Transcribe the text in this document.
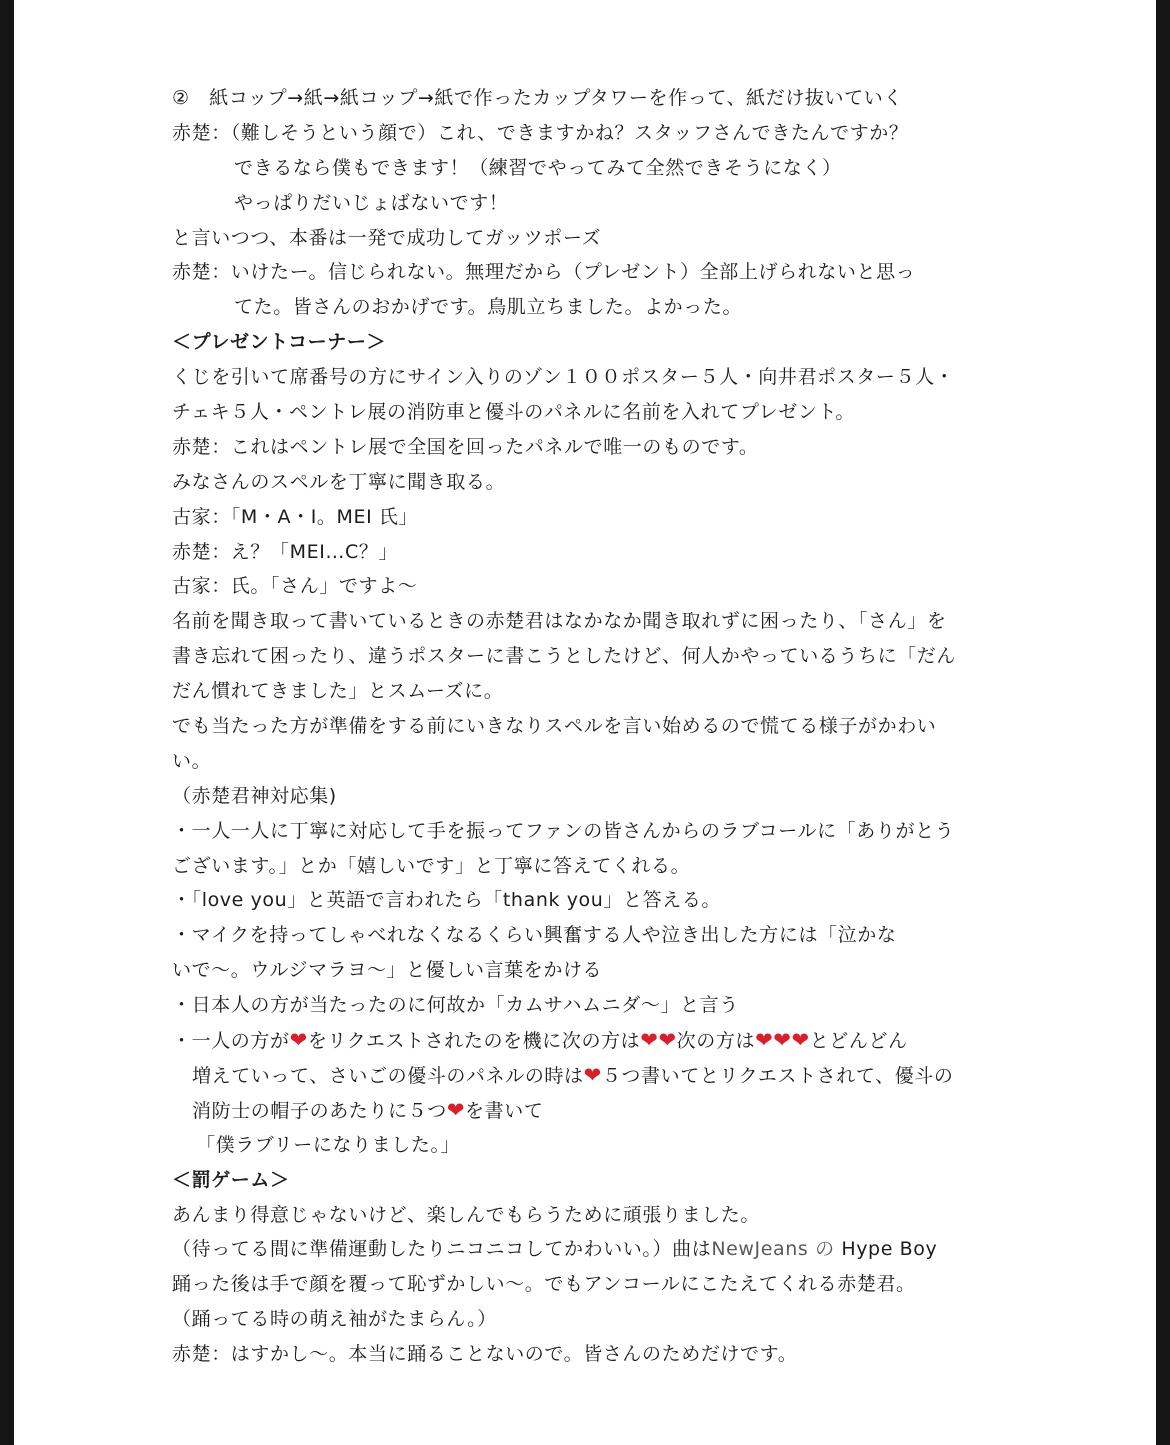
②　紙コップ→紙→紙コップ→紙で作ったカップタワーを作って、紙だけ抜いていく
赤楚：（難しそうという顔で）これ、できますかね？スタッフさんできたんですか？
できるなら僕もできます！（練習でやってみて全然できそうになく）
やっぱりだいじょばないです！
と言いつつ、本番は一発で成功してガッツポーズ
赤楚：いけたー。信じられない。無理だから（プレゼント）全部上げられないと思っ
てた。皆さんのおかげです。鳥肌立ちました。よかった。
＜プレゼントコーナー＞
くじを引いて席番号の方にサイン入りのゾン１００ポスター５人・向井君ポスター５人・
チェキ５人・ペントレ展の消防車と優斗のパネルに名前を入れてプレゼント。
赤楚：これはペントレ展で全国を回ったパネルで唯一のものです。
みなさんのスペルを丁寧に聞き取る。
古家：「M・A・I。MEI 氏」
赤楚：え？「MEI…C？」
古家：氏。「さん」ですよ～
名前を聞き取って書いているときの赤楚君はなかなか聞き取れずに困ったり、「さん」を
書き忘れて困ったり、違うポスターに書こうとしたけど、何人かやっているうちに「だん
だん慣れてきました」とスムーズに。
でも当たった方が準備をする前にいきなりスペルを言い始めるので慌てる様子がかわい
い。
（赤楚君神対応集)
・一人一人に丁寧に対応して手を振ってファンの皆さんからのラブコールに「ありがとう
ございます。」とか「嬉しいです」と丁寧に答えてくれる。
・「love you」と英語で言われたら「thank you」と答える。
・マイクを持ってしゃべれなくなるくらい興奮する人や泣き出した方には「泣かな
いで～。ウルジマラヨ～」と優しい言葉をかける
・日本人の方が当たったのに何故か「カムサハムニダ～」と言う
・一人の方が❤をリクエストされたのを機に次の方は❤❤次の方は❤❤❤とどんどん
増えていって、さいごの優斗のパネルの時は❤５つ書いてとリクエストされて、優斗の
消防士の帽子のあたりに５つ❤を書いて
「僕ラブリーになりました。」
＜罰ゲーム＞
あんまり得意じゃないけど、楽しんでもらうために頑張りました。
（待ってる間に準備運動したりニコニコしてかわいい。）曲はNewJeans の Hype Boy
踊った後は手で顔を覆って恥ずかしい～。でもアンコールにこたえてくれる赤楚君。
（踊ってる時の萌え袖がたまらん。）
赤楚：はすかし～。本当に踊ることないので。皆さんのためだけです。
